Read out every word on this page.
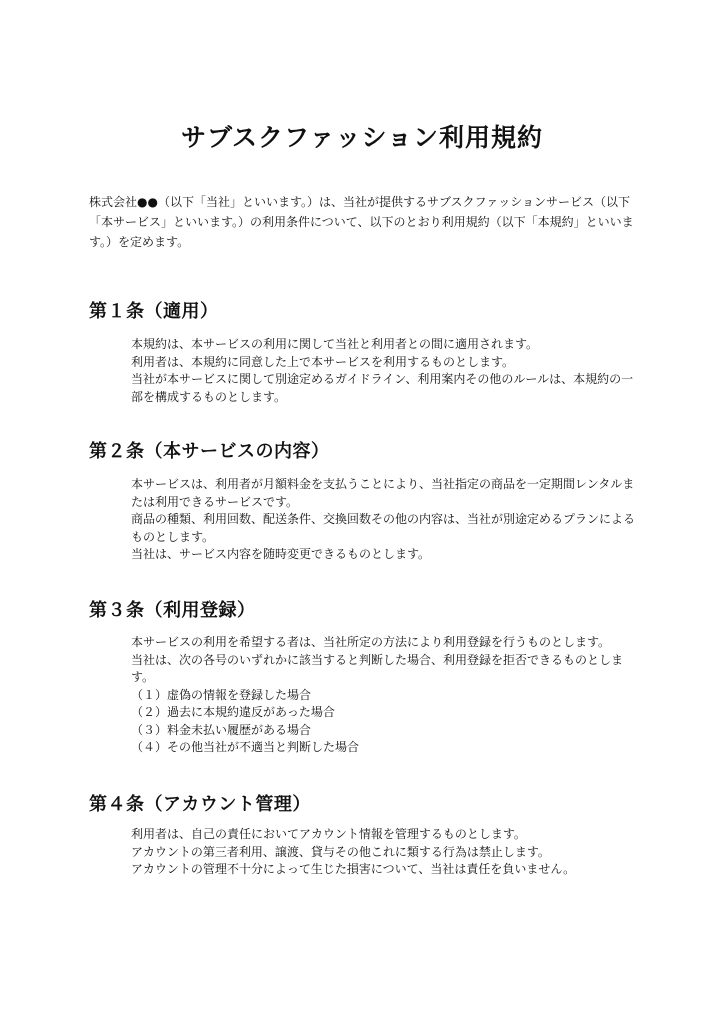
サブスクファッション利用規約
株式会社●●（以下「当社」といいます。）は、当社が提供するサブスクファッションサービス（以下「本サービス」といいます。）の利用条件について、以下のとおり利用規約（以下「本規約」といいます。）を定めます。
第１条（適用）

本規約は、本サービスの利用に関して当社と利用者との間に適用されます。

利用者は、本規約に同意した上で本サービスを利用するものとします。

当社が本サービスに関して別途定めるガイドライン、利用案内その他のルールは、本規約の一部を構成するものとします。

第２条（本サービスの内容）

本サービスは、利用者が月額料金を支払うことにより、当社指定の商品を一定期間レンタルまたは利用できるサービスです。

商品の種類、利用回数、配送条件、交換回数その他の内容は、当社が別途定めるプランによるものとします。

当社は、サービス内容を随時変更できるものとします。

第３条（利用登録）

本サービスの利用を希望する者は、当社所定の方法により利用登録を行うものとします。

当社は、次の各号のいずれかに該当すると判断した場合、利用登録を拒否できるものとします。

（１）虚偽の情報を登録した場合

（２）過去に本規約違反があった場合

（３）料金未払い履歴がある場合

（４）その他当社が不適当と判断した場合

第４条（アカウント管理）

利用者は、自己の責任においてアカウント情報を管理するものとします。

アカウントの第三者利用、譲渡、貸与その他これに類する行為は禁止します。

アカウントの管理不十分によって生じた損害について、当社は責任を負いません。
